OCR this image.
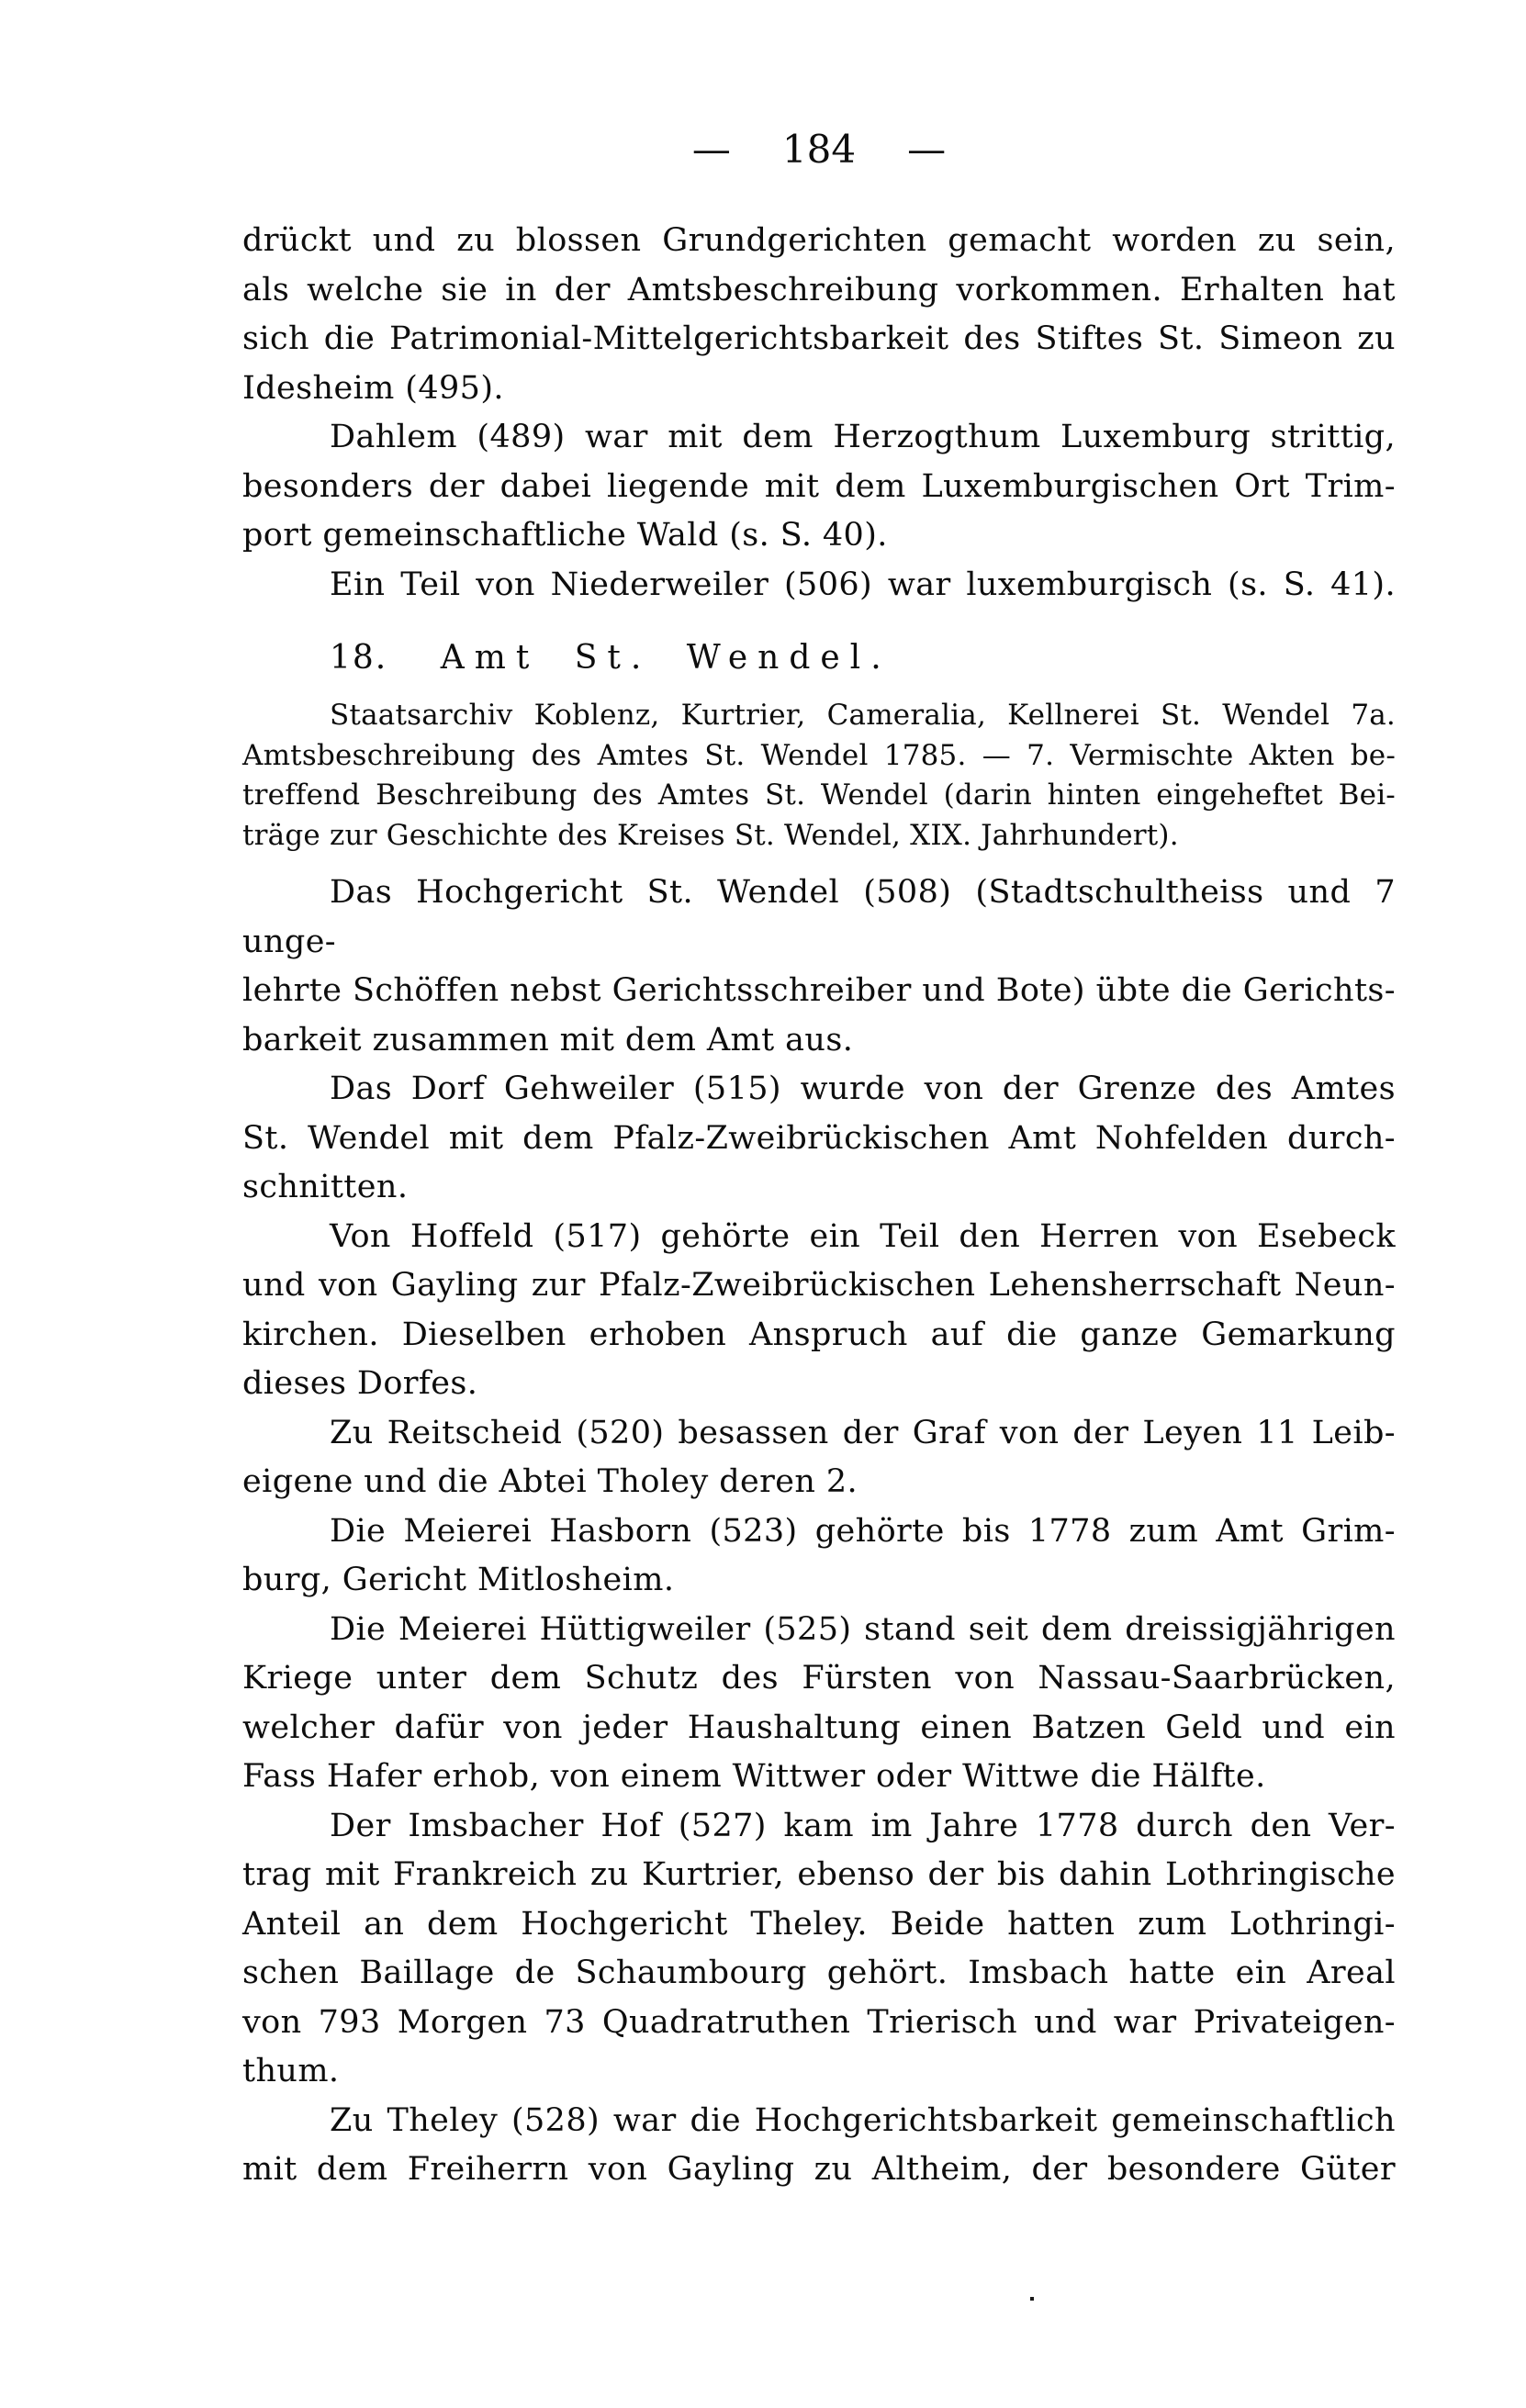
— 184 —

drückt und zu blossen Grundgerichten gemacht worden zu sein,
als welche sie in der Amtsbeschreibung vorkommen. Erhalten hat
sich die Patrimonial-Mittelgerichtsbarkeit des Stiftes St. Simeon zu
Idesheim (495).

Dahlem (489) war mit dem Herzogthum Luxemburg strittig,
besonders der dabei liegende mit dem Luxemburgischen Ort Trim-
port gemeinschaftliche Wald (s. S. 40).

Ein Teil von Niederweiler (506) war luxemburgisch (s. S. 41).

18. Amt St. Wendel.

Staatsarchiv Koblenz, Kurtrier, Cameralia, Kellnerei St. Wendel 7a.
Amtsbeschreibung des Amtes St. Wendel 1785. — 7. Vermischte Akten be-
treffend Beschreibung des Amtes St. Wendel (darin hinten eingeheftet Bei-
träge zur Geschichte des Kreises St. Wendel, XIX. Jahrhundert).

Das Hochgericht St. Wendel (508) (Stadtschultheiss und 7 unge-
lehrte Schöffen nebst Gerichtsschreiber und Bote) übte die Gerichts-
barkeit zusammen mit dem Amt aus.

Das Dorf Gehweiler (515) wurde von der Grenze des Amtes
St. Wendel mit dem Pfalz-Zweibrückischen Amt Nohfelden durch-
schnitten.

Von Hoffeld (517) gehörte ein Teil den Herren von Esebeck
und von Gayling zur Pfalz-Zweibrückischen Lehensherrschaft Neun-
kirchen. Dieselben erhoben Anspruch auf die ganze Gemarkung
dieses Dorfes.

Zu Reitscheid (520) besassen der Graf von der Leyen 11 Leib-
eigene und die Abtei Tholey deren 2.

Die Meierei Hasborn (523) gehörte bis 1778 zum Amt Grim-
burg, Gericht Mitlosheim.

Die Meierei Hüttigweiler (525) stand seit dem dreissigjährigen
Kriege unter dem Schutz des Fürsten von Nassau-Saarbrücken,
welcher dafür von jeder Haushaltung einen Batzen Geld und ein
Fass Hafer erhob, von einem Wittwer oder Wittwe die Hälfte.

Der Imsbacher Hof (527) kam im Jahre 1778 durch den Ver-
trag mit Frankreich zu Kurtrier, ebenso der bis dahin Lothringische
Anteil an dem Hochgericht Theley. Beide hatten zum Lothringi-
schen Baillage de Schaumbourg gehört. Imsbach hatte ein Areal
von 793 Morgen 73 Quadratruthen Trierisch und war Privateigen-
thum.

Zu Theley (528) war die Hochgerichtsbarkeit gemeinschaftlich
mit dem Freiherrn von Gayling zu Altheim, der besondere Güter
